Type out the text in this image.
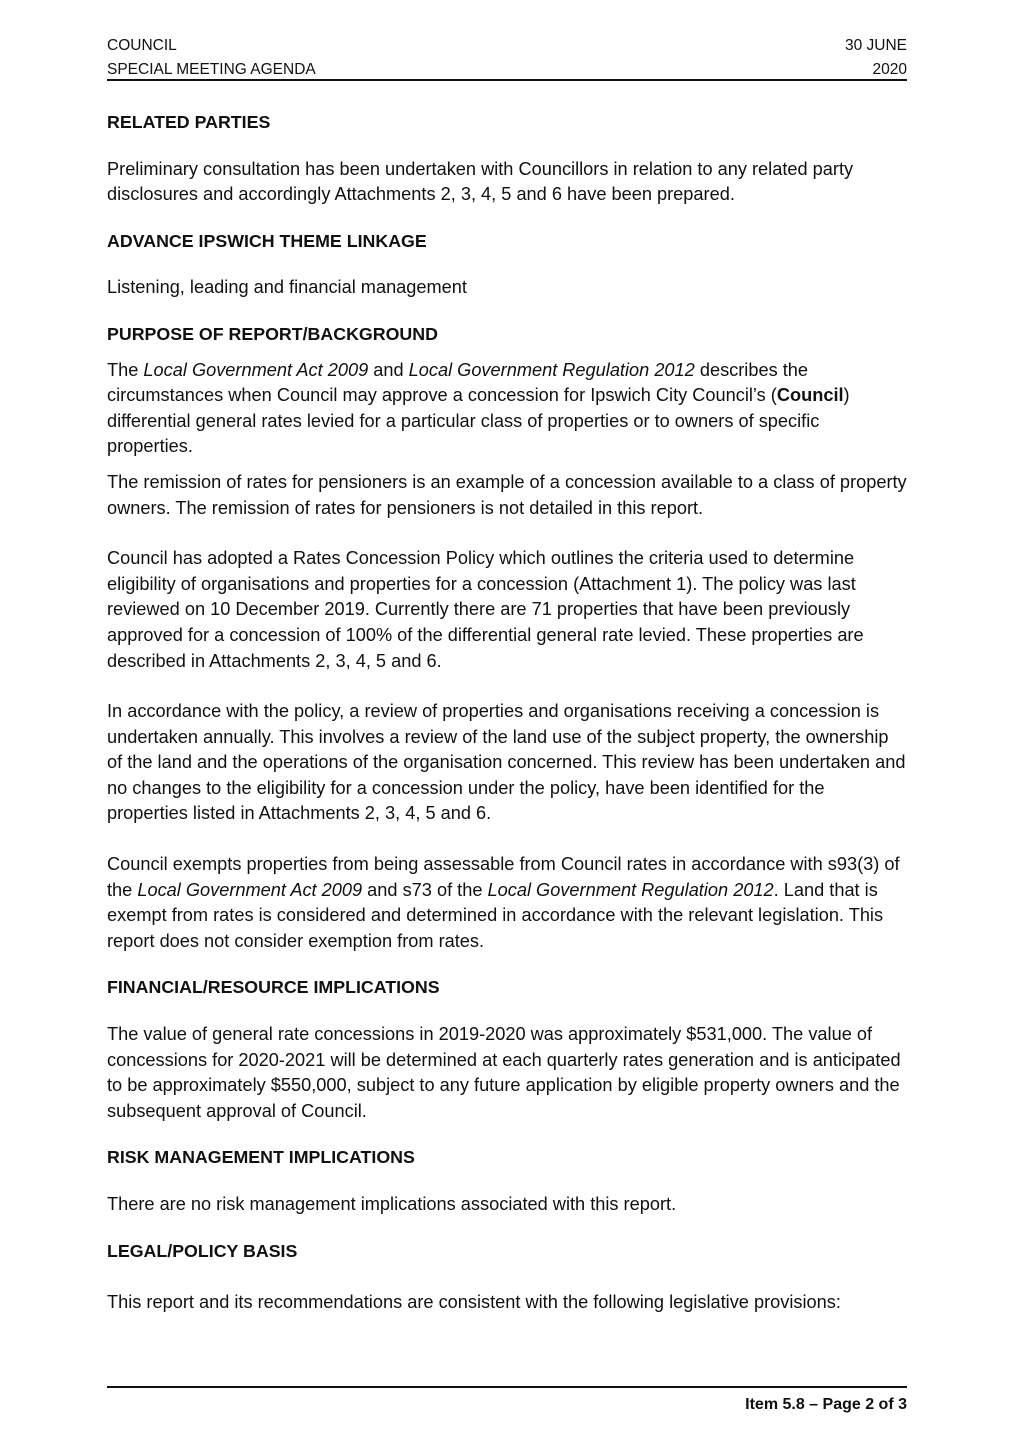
COUNCIL
SPECIAL MEETING AGENDA
30 JUNE
2020
RELATED PARTIES

Preliminary consultation has been undertaken with Councillors in relation to any related party disclosures and accordingly Attachments 2, 3, 4, 5 and 6 have been prepared.

ADVANCE IPSWICH THEME LINKAGE

Listening, leading and financial management

PURPOSE OF REPORT/BACKGROUND

The Local Government Act 2009 and Local Government Regulation 2012 describes the circumstances when Council may approve a concession for Ipswich City Council’s (Council) differential general rates levied for a particular class of properties or to owners of specific properties.

The remission of rates for pensioners is an example of a concession available to a class of property owners. The remission of rates for pensioners is not detailed in this report.

Council has adopted a Rates Concession Policy which outlines the criteria used to determine eligibility of organisations and properties for a concession (Attachment 1). The policy was last reviewed on 10 December 2019. Currently there are 71 properties that have been previously approved for a concession of 100% of the differential general rate levied. These properties are described in Attachments 2, 3, 4, 5 and 6.

In accordance with the policy, a review of properties and organisations receiving a concession is undertaken annually. This involves a review of the land use of the subject property, the ownership of the land and the operations of the organisation concerned. This review has been undertaken and no changes to the eligibility for a concession under the policy, have been identified for the properties listed in Attachments 2, 3, 4, 5 and 6.

Council exempts properties from being assessable from Council rates in accordance with s93(3) of the Local Government Act 2009 and s73 of the Local Government Regulation 2012. Land that is exempt from rates is considered and determined in accordance with the relevant legislation. This report does not consider exemption from rates.

FINANCIAL/RESOURCE IMPLICATIONS

The value of general rate concessions in 2019-2020 was approximately $531,000. The value of concessions for 2020-2021 will be determined at each quarterly rates generation and is anticipated to be approximately $550,000, subject to any future application by eligible property owners and the subsequent approval of Council.

RISK MANAGEMENT IMPLICATIONS

There are no risk management implications associated with this report.

LEGAL/POLICY BASIS

This report and its recommendations are consistent with the following legislative provisions:

Item 5.8 – Page 2 of 3
